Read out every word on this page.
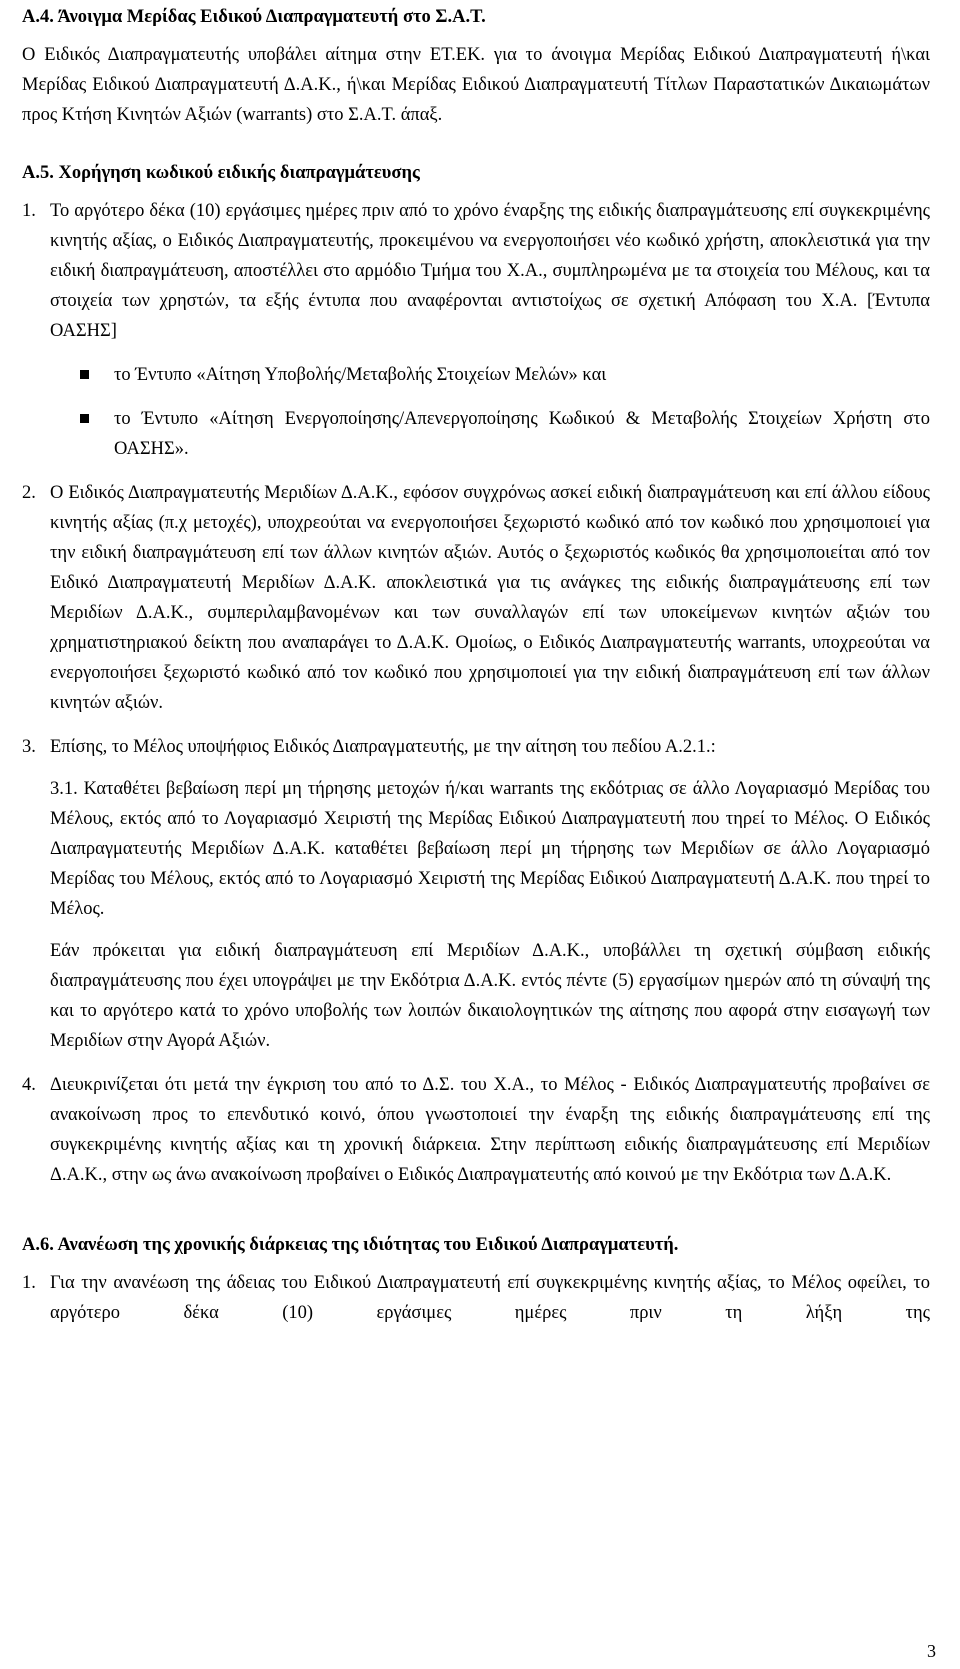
Α.4. Άνοιγμα Μερίδας Ειδικού Διαπραγματευτή στο Σ.Α.Τ.

Ο Ειδικός Διαπραγματευτής υποβάλει αίτημα στην ΕΤ.ΕΚ. για το άνοιγμα Μερίδας Ειδικού Διαπραγματευτή ή\και Μερίδας Ειδικού Διαπραγματευτή Δ.Α.Κ., ή\και Μερίδας Ειδικού Διαπραγματευτή Τίτλων Παραστατικών Δικαιωμάτων προς Κτήση Κινητών Αξιών (warrants) στο Σ.Α.Τ. άπαξ.

Α.5. Χορήγηση κωδικού ειδικής διαπραγμάτευσης

1. Το αργότερο δέκα (10) εργάσιμες ημέρες πριν από το χρόνο έναρξης της ειδικής διαπραγμάτευσης επί συγκεκριμένης κινητής αξίας, ο Ειδικός Διαπραγματευτής, προκειμένου να ενεργοποιήσει νέο κωδικό χρήστη, αποκλειστικά για την ειδική διαπραγμάτευση, αποστέλλει στο αρμόδιο Τμήμα του Χ.Α., συμπληρωμένα με τα στοιχεία του Μέλους, και τα στοιχεία των χρηστών, τα εξής έντυπα που αναφέρονται αντιστοίχως σε σχετική Απόφαση του Χ.Α. [Έντυπα ΟΑΣΗΣ]

το Έντυπο «Αίτηση Υποβολής/Μεταβολής Στοιχείων Μελών» και

το Έντυπο «Αίτηση Ενεργοποίησης/Απενεργοποίησης Κωδικού & Μεταβολής Στοιχείων Χρήστη στο ΟΑΣΗΣ».

2. Ο Ειδικός Διαπραγματευτής Μεριδίων Δ.Α.Κ., εφόσον συγχρόνως ασκεί ειδική διαπραγμάτευση και επί άλλου είδους κινητής αξίας (π.χ μετοχές), υποχρεούται να ενεργοποιήσει ξεχωριστό κωδικό από τον κωδικό που χρησιμοποιεί για την ειδική διαπραγμάτευση επί των άλλων κινητών αξιών. Αυτός ο ξεχωριστός κωδικός θα χρησιμοποιείται από τον Ειδικό Διαπραγματευτή Μεριδίων Δ.Α.Κ. αποκλειστικά για τις ανάγκες της ειδικής διαπραγμάτευσης επί των Μεριδίων Δ.Α.Κ., συμπεριλαμβανομένων και των συναλλαγών επί των υποκείμενων κινητών αξιών του χρηματιστηριακού δείκτη που αναπαράγει το Δ.Α.Κ. Ομοίως, ο Ειδικός Διαπραγματευτής warrants, υποχρεούται να ενεργοποιήσει ξεχωριστό κωδικό από τον κωδικό που χρησιμοποιεί για την ειδική διαπραγμάτευση επί των άλλων κινητών αξιών.

3. Επίσης, το Μέλος υποψήφιος Ειδικός Διαπραγματευτής, με την αίτηση του πεδίου Α.2.1.:

3.1. Καταθέτει βεβαίωση περί μη τήρησης μετοχών ή/και warrants της εκδότριας σε άλλο Λογαριασμό Μερίδας του Μέλους, εκτός από το Λογαριασμό Χειριστή της Μερίδας Ειδικού Διαπραγματευτή που τηρεί το Μέλος. Ο Ειδικός Διαπραγματευτής Μεριδίων Δ.Α.Κ. καταθέτει βεβαίωση περί μη τήρησης των Μεριδίων σε άλλο Λογαριασμό Μερίδας του Μέλους, εκτός από το Λογαριασμό Χειριστή της Μερίδας Ειδικού Διαπραγματευτή Δ.Α.Κ. που τηρεί το Μέλος.

Εάν πρόκειται για ειδική διαπραγμάτευση επί Μεριδίων Δ.Α.Κ., υποβάλλει τη σχετική σύμβαση ειδικής διαπραγμάτευσης που έχει υπογράψει με την Εκδότρια Δ.Α.Κ. εντός πέντε (5) εργασίμων ημερών από τη σύναψή της και το αργότερο κατά το χρόνο υποβολής των λοιπών δικαιολογητικών της αίτησης που αφορά στην εισαγωγή των Μεριδίων στην Αγορά Αξιών.

4. Διευκρινίζεται ότι μετά την έγκριση του από το Δ.Σ. του Χ.Α., το Μέλος - Ειδικός Διαπραγματευτής προβαίνει σε ανακοίνωση προς το επενδυτικό κοινό, όπου γνωστοποιεί την έναρξη της ειδικής διαπραγμάτευσης επί της συγκεκριμένης κινητής αξίας και τη χρονική διάρκεια. Στην περίπτωση ειδικής διαπραγμάτευσης επί Μεριδίων Δ.Α.Κ., στην ως άνω ανακοίνωση προβαίνει ο Ειδικός Διαπραγματευτής από κοινού με την Εκδότρια των Δ.Α.Κ.

Α.6. Ανανέωση της χρονικής διάρκειας της ιδιότητας του Ειδικού Διαπραγματευτή.

1. Για την ανανέωση της άδειας του Ειδικού Διαπραγματευτή επί συγκεκριμένης κινητής αξίας, το Μέλος οφείλει, το αργότερο δέκα (10) εργάσιμες ημέρες πριν τη λήξη της

3
